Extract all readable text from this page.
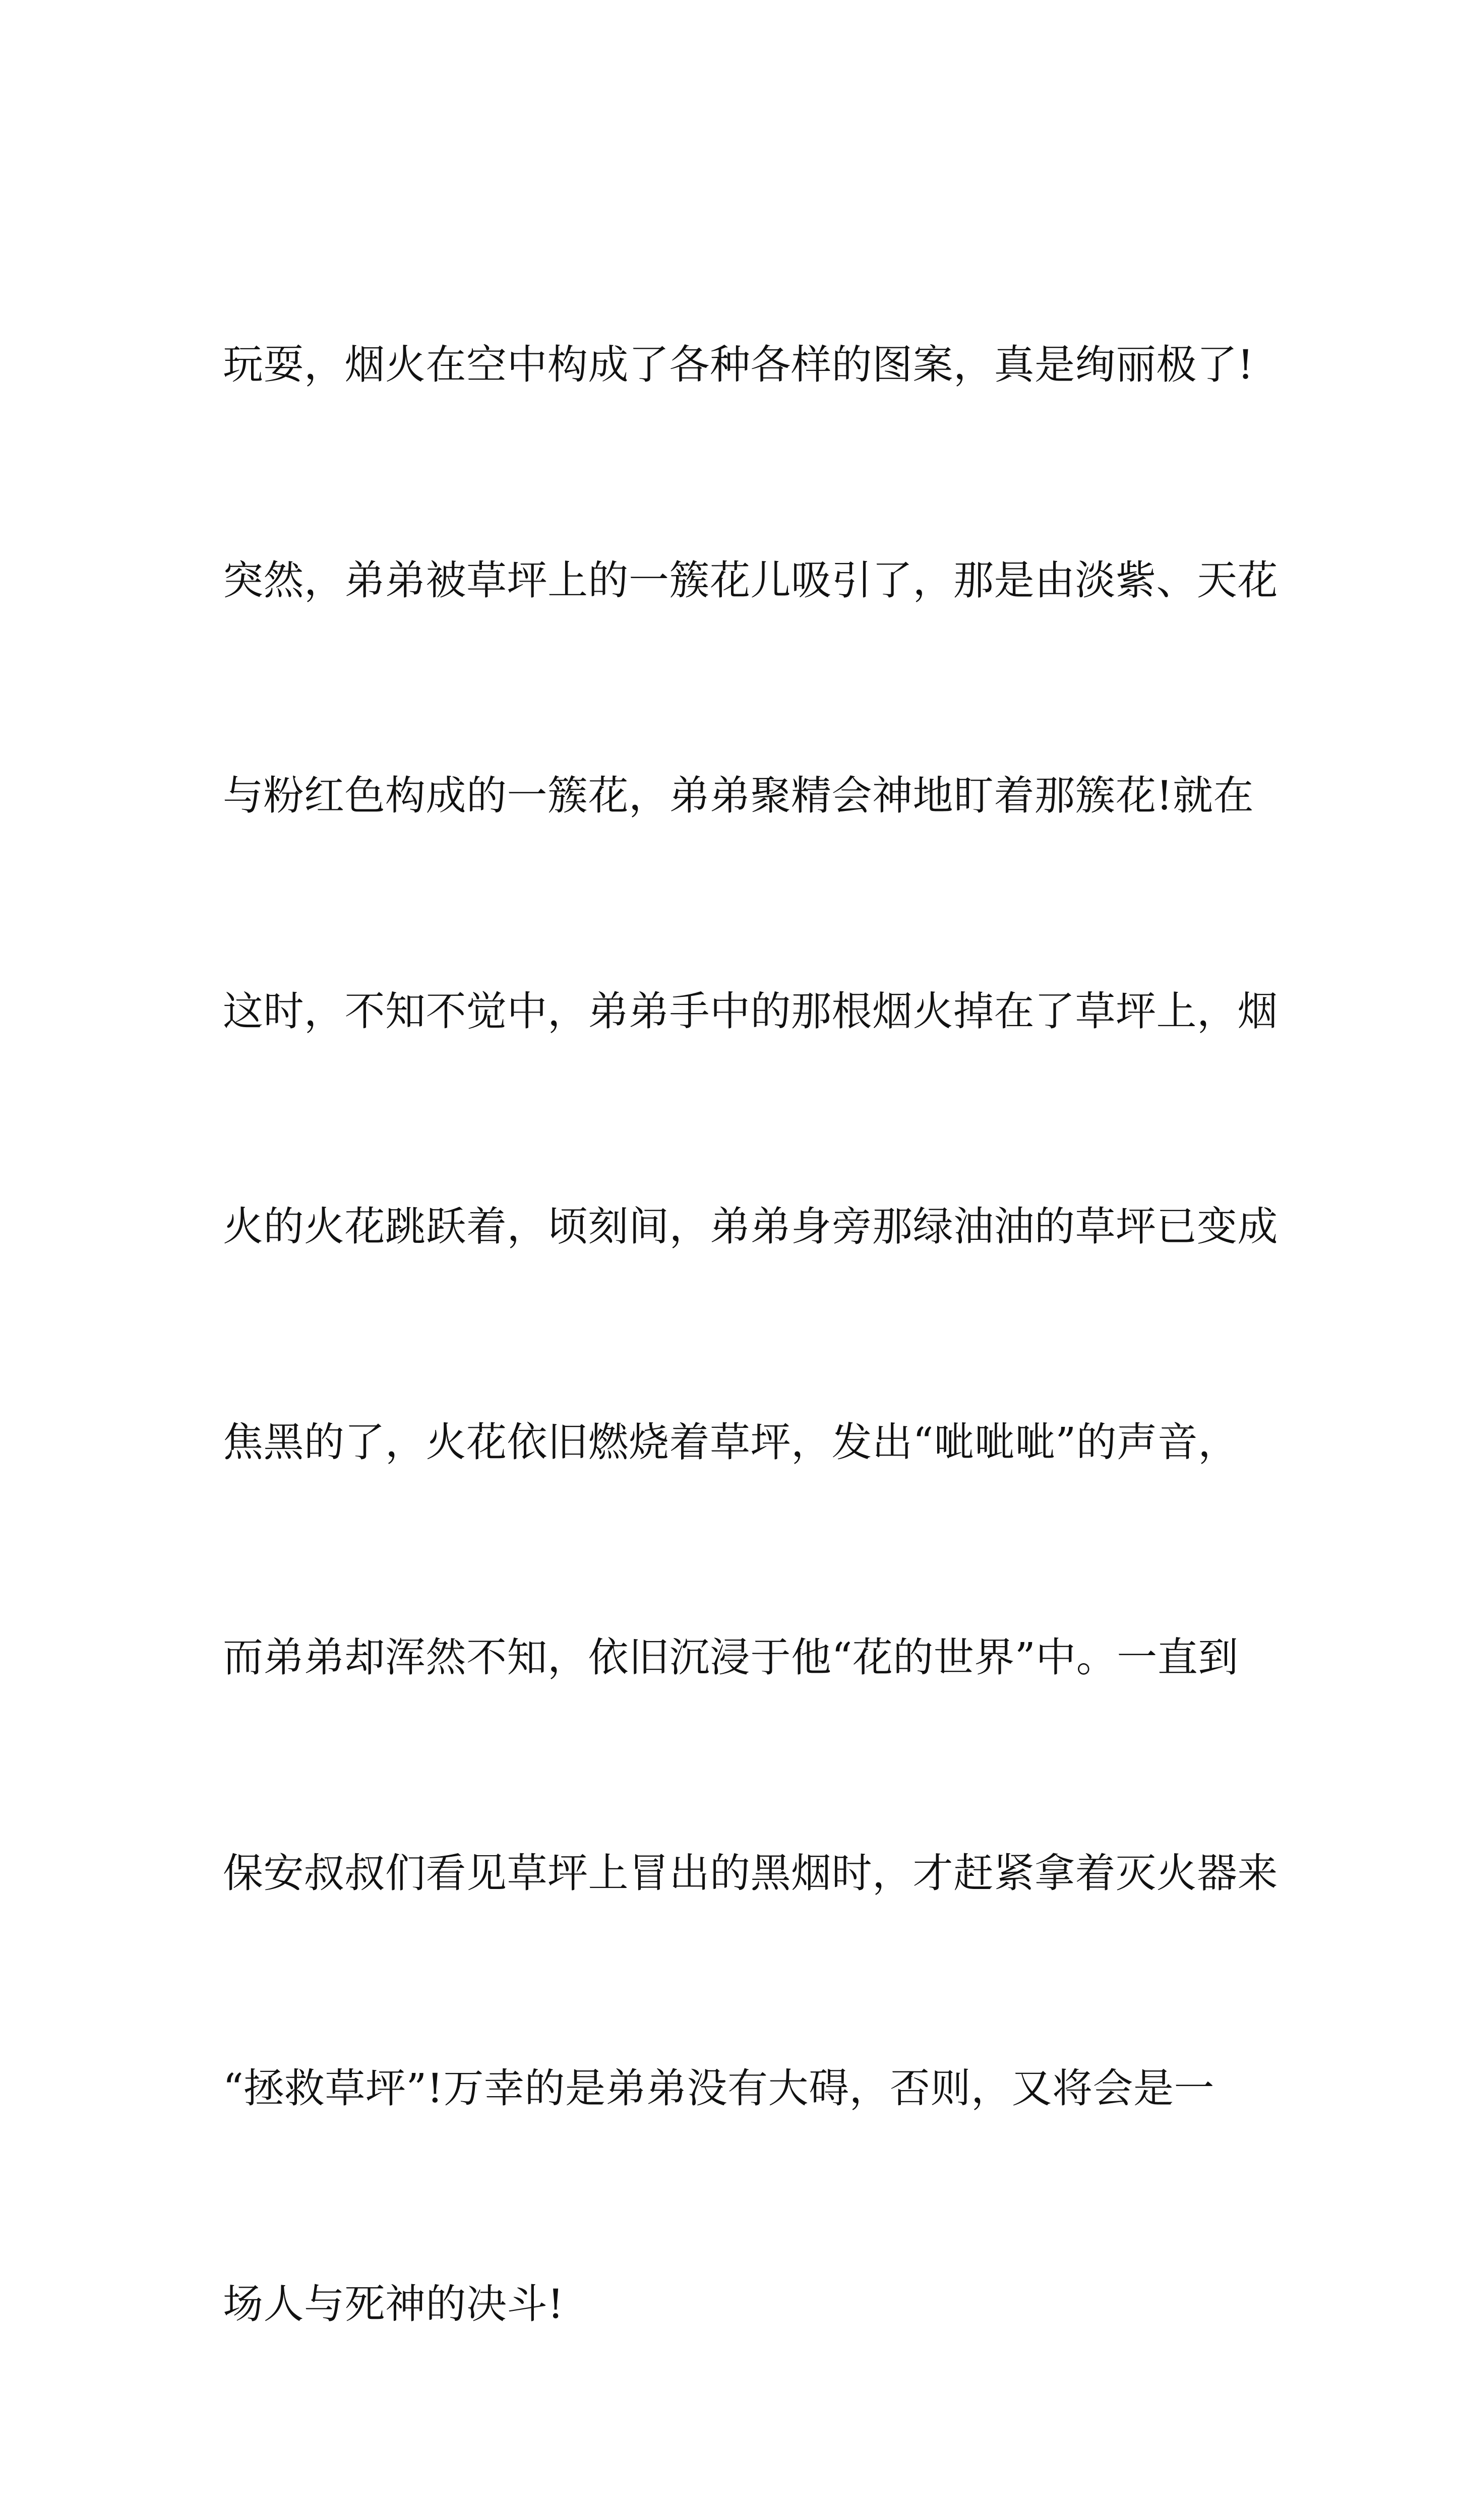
玩耍，烟火在空中构成了各种各样的图案，真是绚丽极了!

突然，弟弟被草坪上的一簇花儿吸引了，那是由淡紫、天花

与粉红色构成的一簇花，弟弟聚精会神地盯着那簇花!就在

这时，不知不觉中，弟弟手中的那根烟火掉在了草坪上，烟

火的火花跳跃着，顷刻间，弟弟身旁那绿油油的草坪已变成

焦黑的了，火花依旧燃烧着草坪，发出“呲呲呲”的声音，

而弟弟却浑然不知，依旧沉浸于他“花的世界”中。一直到

保安叔叔们看见草坪上冒出的黑烟时，才赶紧拿着灭火器来

“拯救草坪”!万幸的是弟弟没有大碍，否则，又将会是一

场人与死神的决斗!
